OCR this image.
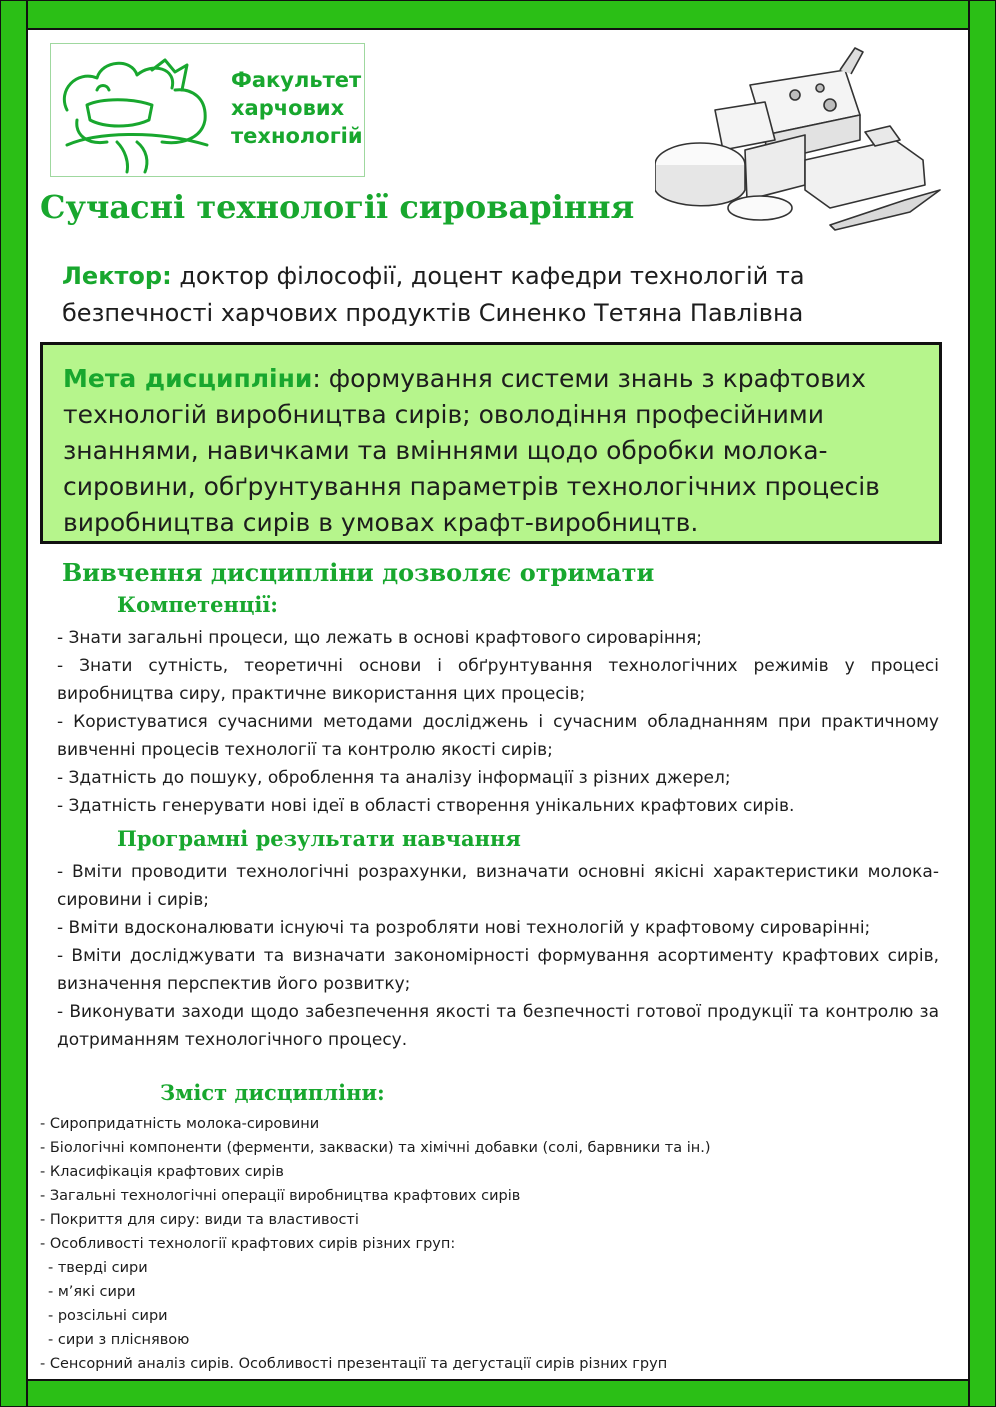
Факультет
харчових
технологій
Сучасні технології сироваріння
Лектор: доктор філософії, доцент кафедри технологій та безпечності харчових продуктів Синенко Тетяна Павлівна
Мета дисципліни: формування системи знань з крафтових технологій виробництва сирів; оволодіння професійними знаннями, навичками та вміннями щодо обробки молока-сировини, обґрунтування параметрів технологічних процесів виробництва сирів в умовах крафт-виробництв.
Вивчення дисципліни дозволяє отримати
Компетенції:

- Знати загальні процеси, що лежать в основі крафтового сироваріння;

- Знати сутність, теоретичні основи і обґрунтування технологічних режимів у процесі виробництва сиру, практичне використання цих процесів;

- Користуватися сучасними методами досліджень і сучасним обладнанням при практичному вивченні процесів технології та контролю якості сирів;

- Здатність до пошуку, оброблення та аналізу інформації з різних джерел;

- Здатність генерувати нові ідеї в області створення унікальних крафтових сирів.

Програмні результати навчання

- Вміти проводити технологічні розрахунки, визначати основні якісні характеристики молока-сировини і сирів;

- Вміти вдосконалювати існуючі та розробляти нові технологій у крафтовому сироварінні;

- Вміти досліджувати та визначати закономірності формування асортименту крафтових сирів, визначення перспектив його розвитку;

- Виконувати заходи щодо забезпечення якості та безпечності готової продукції та контролю за дотриманням технологічного процесу.

Зміст дисципліни:

- Сиропридатність молока-сировини

- Біологічні компоненти (ферменти, закваски) та хімічні добавки (солі, барвники та ін.)

- Класифікація крафтових сирів

- Загальні технологічні операції виробництва крафтових сирів

- Покриття для сиру: види та властивості

- Особливості технології крафтових сирів різних груп:

- тверді сири

- м’які сири

- розсільні сири

- сири з пліснявою

- Сенсорний аналіз сирів. Особливості презентації та дегустації сирів різних груп
